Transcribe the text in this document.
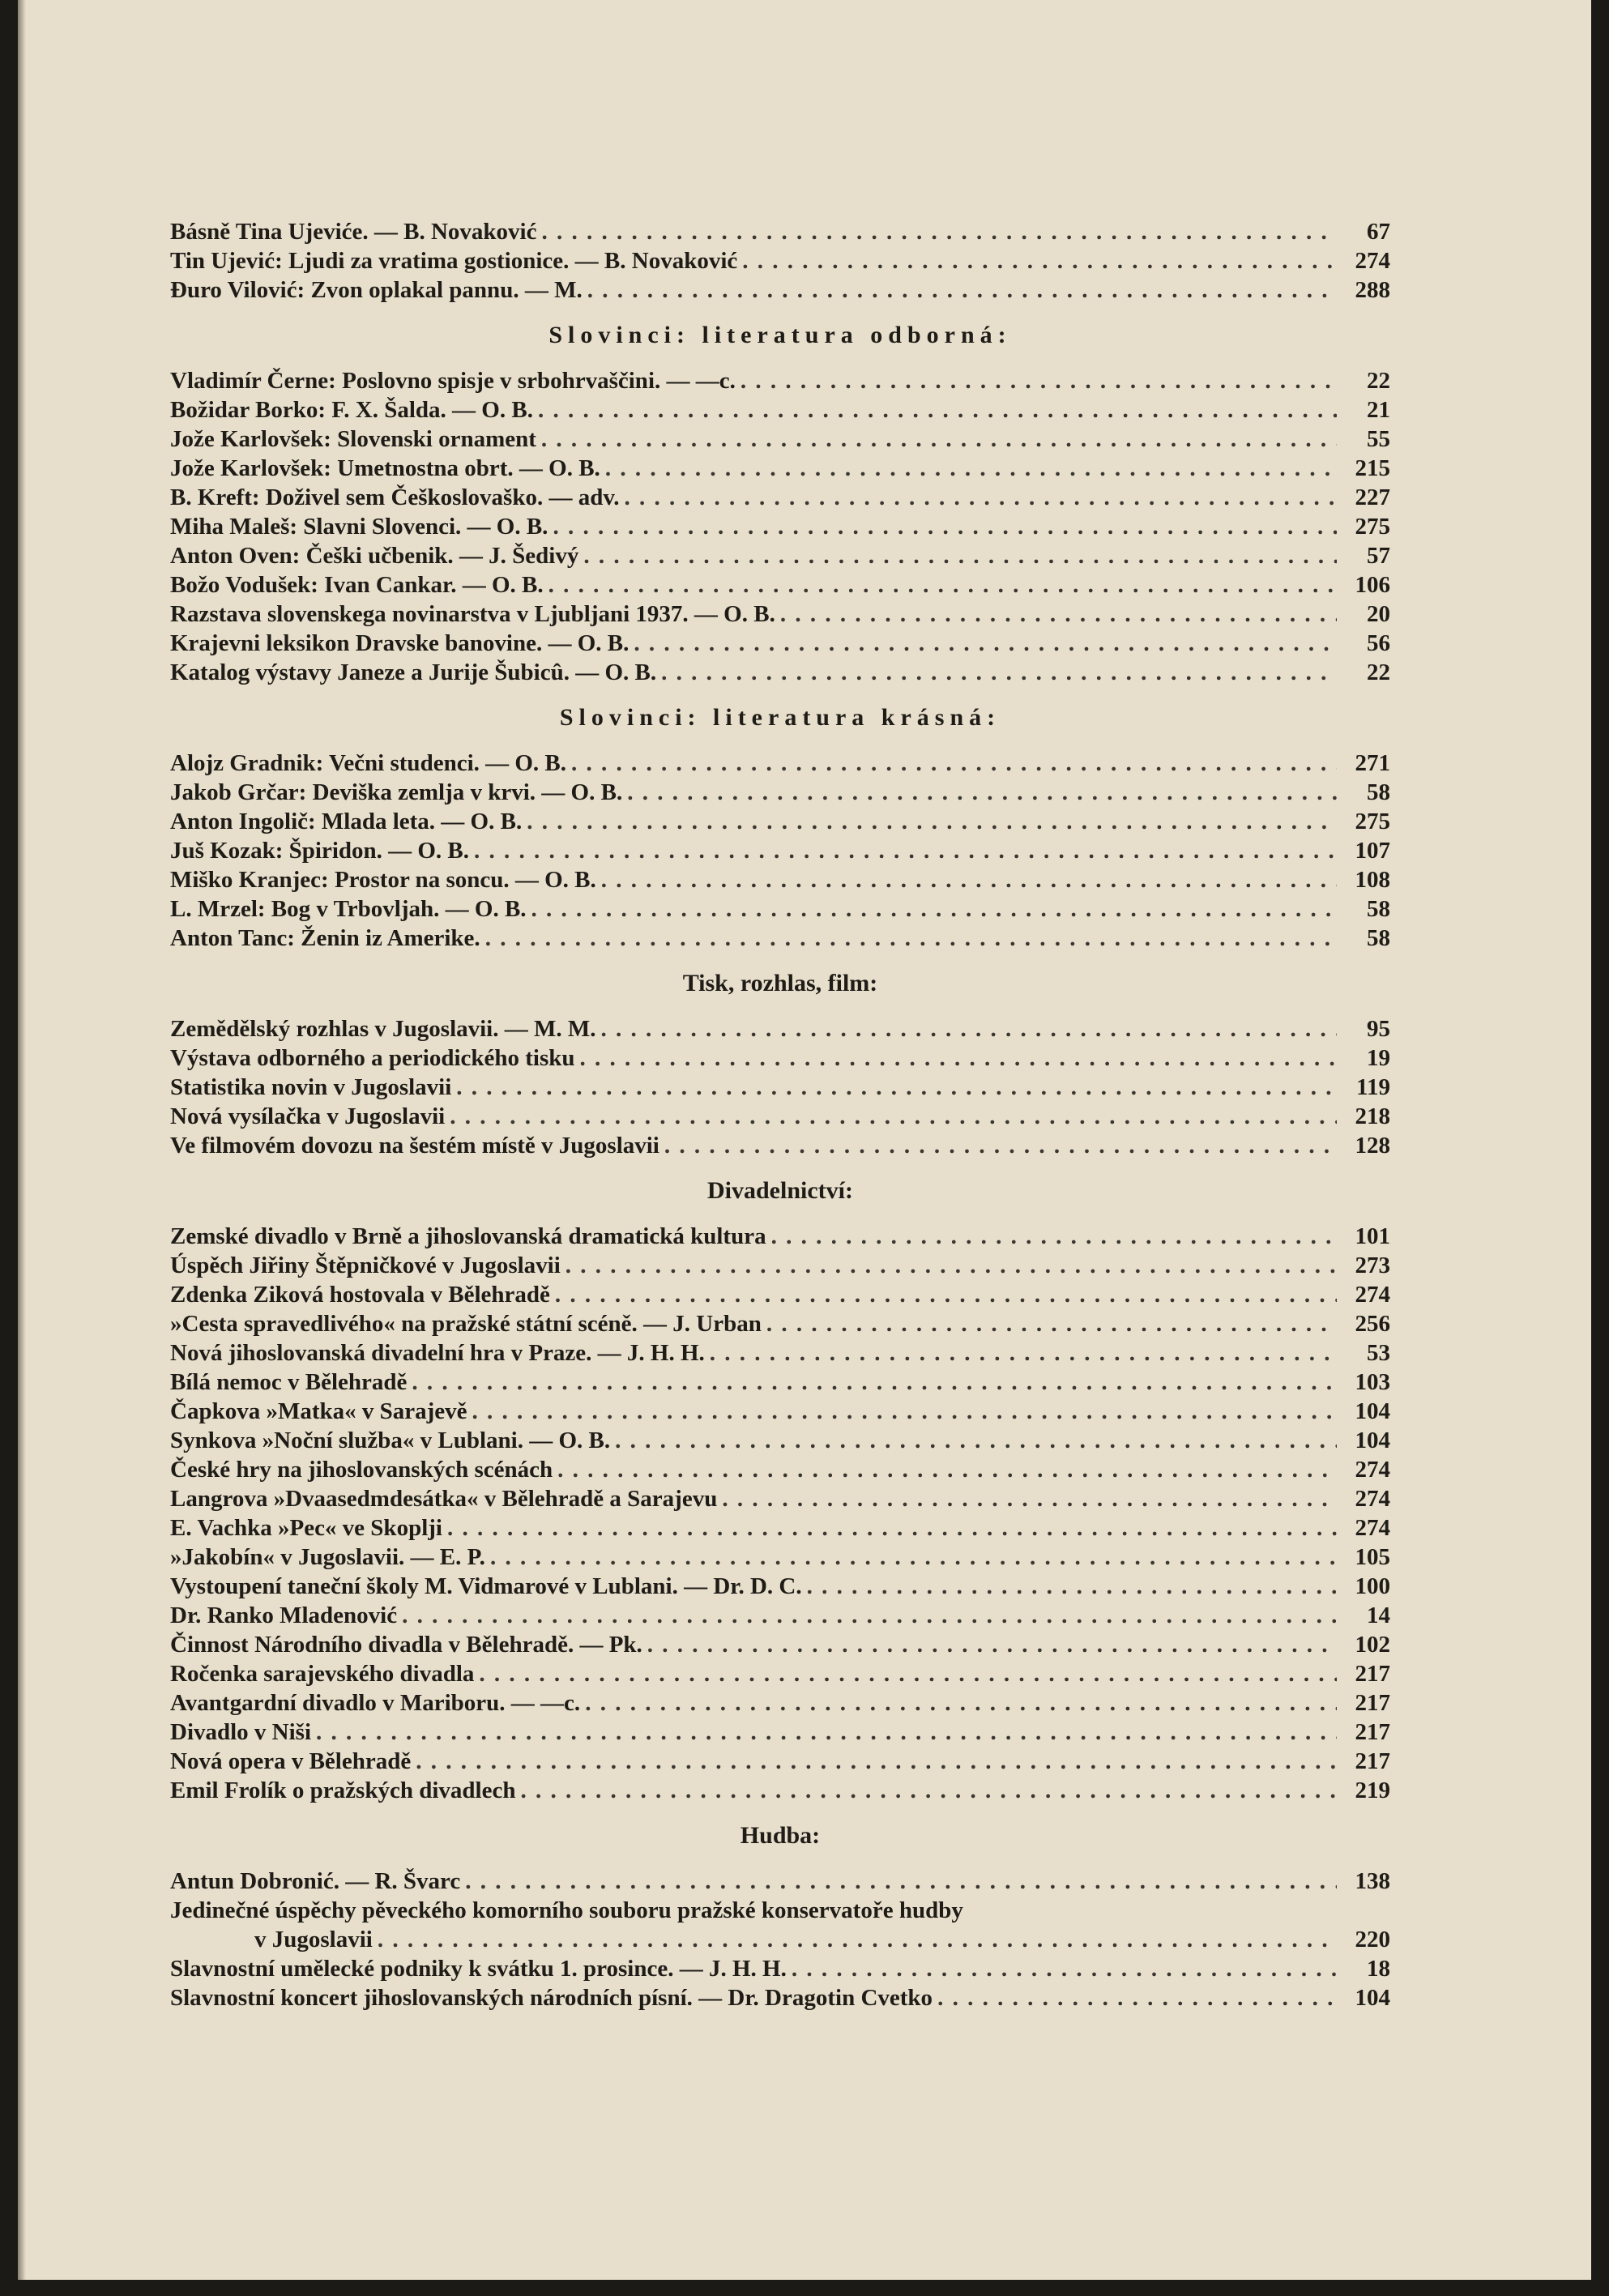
Básně Tina Ujeviće. — B. Novaković . . .	67
Tin Ujević: Ljudi za vratima gostionice. — B. Novaković . . .	274
Đuro Vilović: Zvon oplakal pannu. — M. . . .	288
Slovinci: literatura odborná:
Vladimír Černe: Poslovno spisje v srbohrvaščini. — —c. . . .	22
Božidar Borko: F. X. Šalda. — O. B. . . .	21
Jože Karlovšek: Slovenski ornament . . .	55
Jože Karlovšek: Umetnostna obrt. — O. B. . . .	215
B. Kreft: Doživel sem Češkoslovaško. — adv. . . .	227
Miha Maleš: Slavni Slovenci. — O. B. . . .	275
Anton Oven: Češki učbenik. — J. Šedivý . . .	57
Božo Vodušek: Ivan Cankar. — O. B. . . .	106
Razstava slovenskega novinarstva v Ljubljani 1937. — O. B. . . .	20
Krajevni leksikon Dravske banovine. — O. B. . . .	56
Katalog výstavy Janeze a Jurije Šubicû. — O. B. . . .	22
Slovinci: literatura krásná:
Alojz Gradnik: Večni studenci. — O. B. . . .	271
Jakob Grčar: Deviška zemlja v krvi. — O. B. . . .	58
Anton Ingolič: Mlada leta. — O. B. . . .	275
Juš Kozak: Špiridon. — O. B. . . .	107
Miško Kranjec: Prostor na soncu. — O. B. . . .	108
L. Mrzel: Bog v Trbovljah. — O. B. . . .	58
Anton Tanc: Ženin iz Amerike. . . .	58
Tisk, rozhlas, film:
Zemědělský rozhlas v Jugoslavii. — M. M. . . .	95
Výstava odborného a periodického tisku . . .	19
Statistika novin v Jugoslavii . . .	119
Nová vysílačka v Jugoslavii . . .	218
Ve filmovém dovozu na šestém místě v Jugoslavii . . .	128
Divadelnictví:
Zemské divadlo v Brně a jihoslovanská dramatická kultura . . .	101
Úspěch Jiřiny Štěpničkové v Jugoslavii . . .	273
Zdenka Ziková hostovala v Bělehradě . . .	274
»Cesta spravedlivého« na pražské státní scéně. — J. Urban . . .	256
Nová jihoslovanská divadelní hra v Praze. — J. H. H. . . .	53
Bílá nemoc v Bělehradě . . .	103
Čapkova »Matka« v Sarajevě . . .	104
Synkova »Noční služba« v Lublani. — O. B. . . .	104
České hry na jihoslovanských scénách . . .	274
Langrova »Dvaasedmdesátka« v Bělehradě a Sarajevu . . .	274
E. Vachka »Pec« ve Skoplji . . .	274
»Jakobín« v Jugoslavii. — E. P. . . .	105
Vystoupení taneční školy M. Vidmarové v Lublani. — Dr. D. C. . . .	100
Dr. Ranko Mladenović . . .	14
Činnost Národního divadla v Bělehradě. — Pk. . . .	102
Ročenka sarajevského divadla . . .	217
Avantgardní divadlo v Mariboru. — —c. . . .	217
Divadlo v Niši . . .	217
Nová opera v Bělehradě . . .	217
Emil Frolík o pražských divadlech . . .	219
Hudba:
Antun Dobronić. — R. Švarc . . .	138
Jedinečné úspěchy pěveckého komorního souboru pražské konservatoře hudby
v Jugoslavii . . .	220
Slavnostní umělecké podniky k svátku 1. prosince. — J. H. H. . . .	18
Slavnostní koncert jihoslovanských národních písní. — Dr. Dragotin Cvetko . . .	104
